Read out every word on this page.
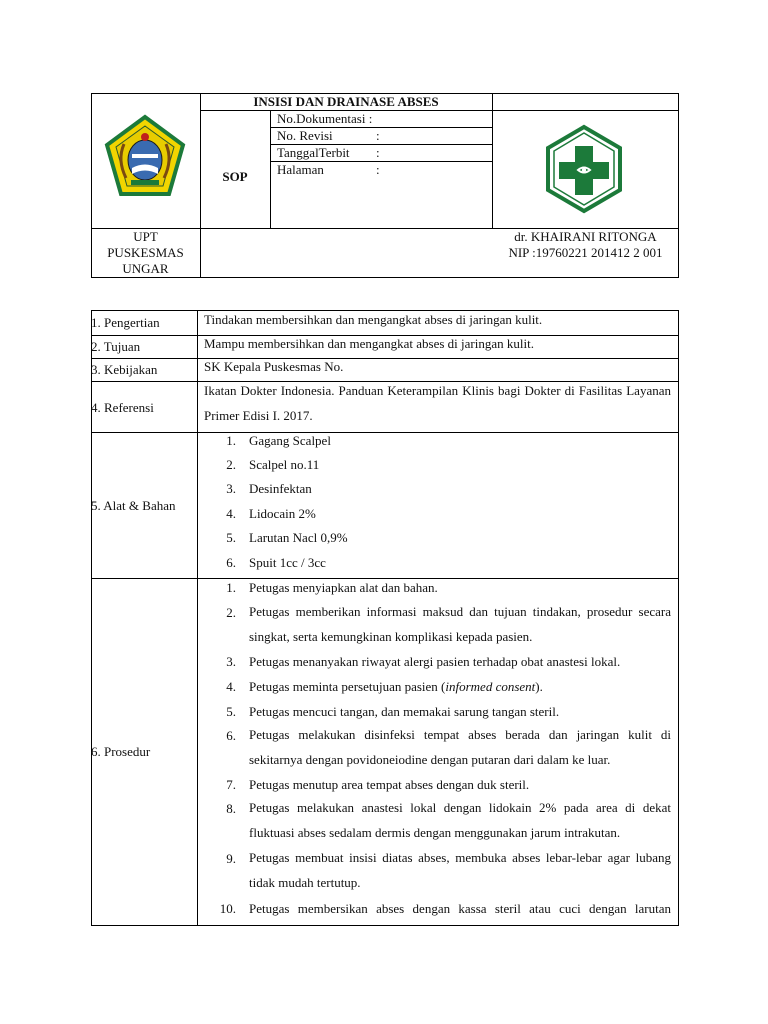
INSISI DAN DRAINASE ABSES
SOP
No.Dokumentasi :
No. Revisi	:
TanggalTerbit :
Halaman	:
UPT
PUSKESMAS
UNGAR
dr. KHAIRANI RITONGA
NIP :19760221 201412 2 001
1. Pengertian
2. Tujuan
3. Kebijakan
4. Referensi
5. Alat & Bahan
6. Prosedur
Tindakan membersihkan dan mengangkat abses di jaringan kulit.
Mampu membersihkan dan mengangkat abses di jaringan kulit.
SK Kepala Puskesmas No.
Ikatan Dokter Indonesia. Panduan Keterampilan Klinis bagi Dokter di Fasilitas Layanan Primer Edisi I. 2017.
1. Gagang Scalpel
2. Scalpel no.11
3. Desinfektan
4. Lidocain 2%
5. Larutan Nacl 0,9%
6. Spuit 1cc / 3cc
1. Petugas menyiapkan alat dan bahan.
2. Petugas memberikan informasi maksud dan tujuan tindakan, prosedur secara singkat, serta kemungkinan komplikasi kepada pasien.
3. Petugas menanyakan riwayat alergi pasien terhadap obat anastesi lokal.
4. Petugas meminta persetujuan pasien (informed consent).
5. Petugas mencuci tangan, dan memakai sarung tangan steril.
6. Petugas melakukan disinfeksi tempat abses berada dan jaringan kulit di sekitarnya dengan povidoneiodine dengan putaran dari dalam ke luar.
7. Petugas menutup area tempat abses dengan duk steril.
8. Petugas melakukan anastesi lokal dengan lidokain 2% pada area di dekat fluktuasi abses sedalam dermis dengan menggunakan jarum intrakutan.
9. Petugas membuat insisi diatas abses, membuka abses lebar-lebar agar lubang tidak mudah tertutup.
10. Petugas membersikan abses dengan kassa steril atau cuci dengan larutan
